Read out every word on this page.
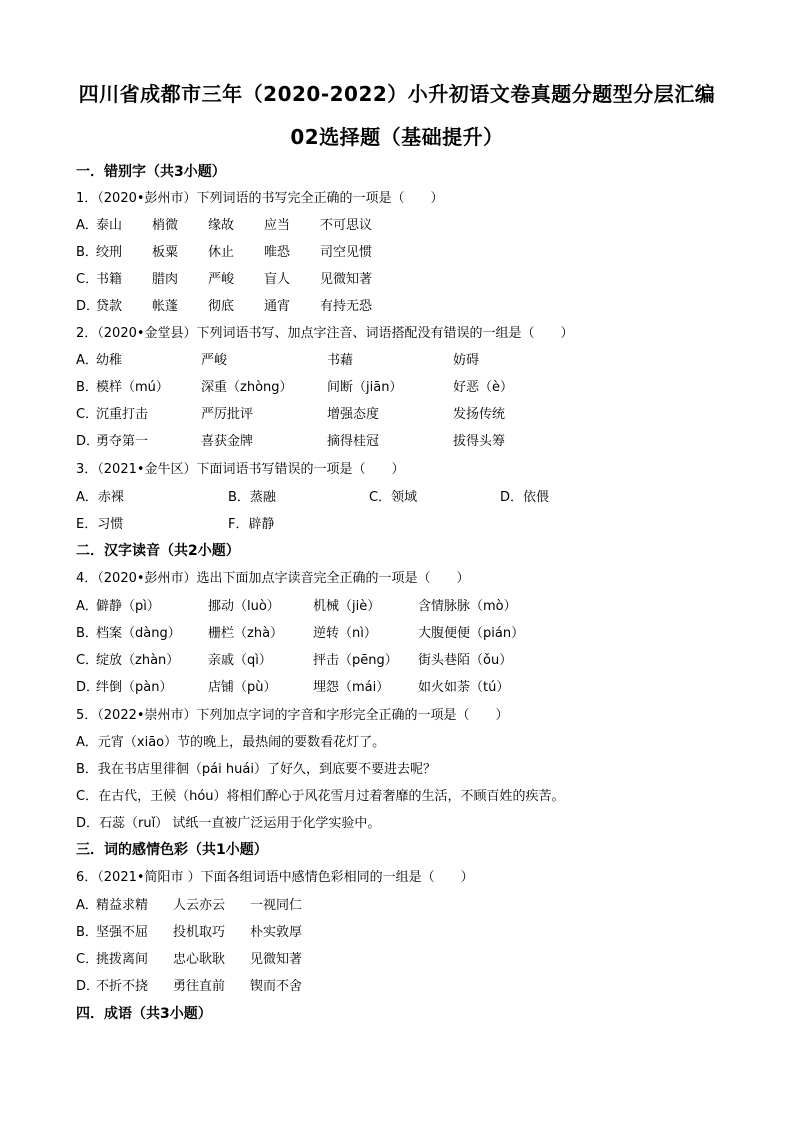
四川省成都市三年（2020-2022）小升初语文卷真题分题型分层汇编
02选择题（基础提升）
一．错别字（共3小题）
1．（2020•彭州市）下列词语的书写完全正确的一项是（　　）
A．
泰山 梢微 缘故 应当 不可思议
B．
绞刑 板粟 休止 唯恐 司空见惯
C．
书籍 腊肉 严峻 盲人 见微知著
D．
贷款 帐蓬 彻底 通宵 有持无恐
2．（2020•金堂县）下列词语书写、加点字注音、词语搭配没有错误的一组是（　　）
A．
幼稚	严峻	书藉	妨碍
B．
模样（mú） 深重（zhòng）	间断（jiān）	好恶（è）
C．
沉重打击	严厉批评	增强态度	发扬传统
D．
勇夺第一	喜获金牌	摘得桂冠	拔得头筹
3．（2021•金牛区）下面词语书写错误的一项是（　　）
A．赤裸	B．蒸融	C．领域	D．依偎
E．习惯	F．辟静
二．汉字读音（共2小题）
4．（2020•彭州市）选出下面加点字读音完全正确的一项是（　　）
A．
僻静（pì）	挪动（luò）	机械（jiè）	含情脉脉（mò）
B．
档案（dàng） 栅栏（zhà） 逆转（nì）	大腹便便（pián）
C．
绽放（zhàn） 亲戚（qì）	抨击（pēng） 街头巷陌（ǒu）
D．
绊倒（pàn）	店铺（pù）	埋怨（mái） 如火如荼（tú）
5．（2022•崇州市）下列加点字词的字音和字形完全正确的一项是（　　）
A．元宵（xiāo）节的晚上，最热闹的要数看花灯了。
B．我在书店里徘徊（pái huái）了好久，到底要不要进去呢？
C．在古代，王候（hóu）将相们醉心于风花雪月过着奢靡的生活，不顾百姓的疾苦。
D．石蕊（ruǐ） 试纸一直被广泛运用于化学实验中。
三．词的感情色彩（共1小题）
6．（2021•简阳市 ）下面各组词语中感情色彩相同的一组是（　　）
A．
精益求精 人云亦云 一视同仁
B．
坚强不屈 投机取巧 朴实敦厚
C．
挑拨离间 忠心耿耿 见微知著
D．
不折不挠 勇往直前 锲而不舍
四．成语（共3小题）
